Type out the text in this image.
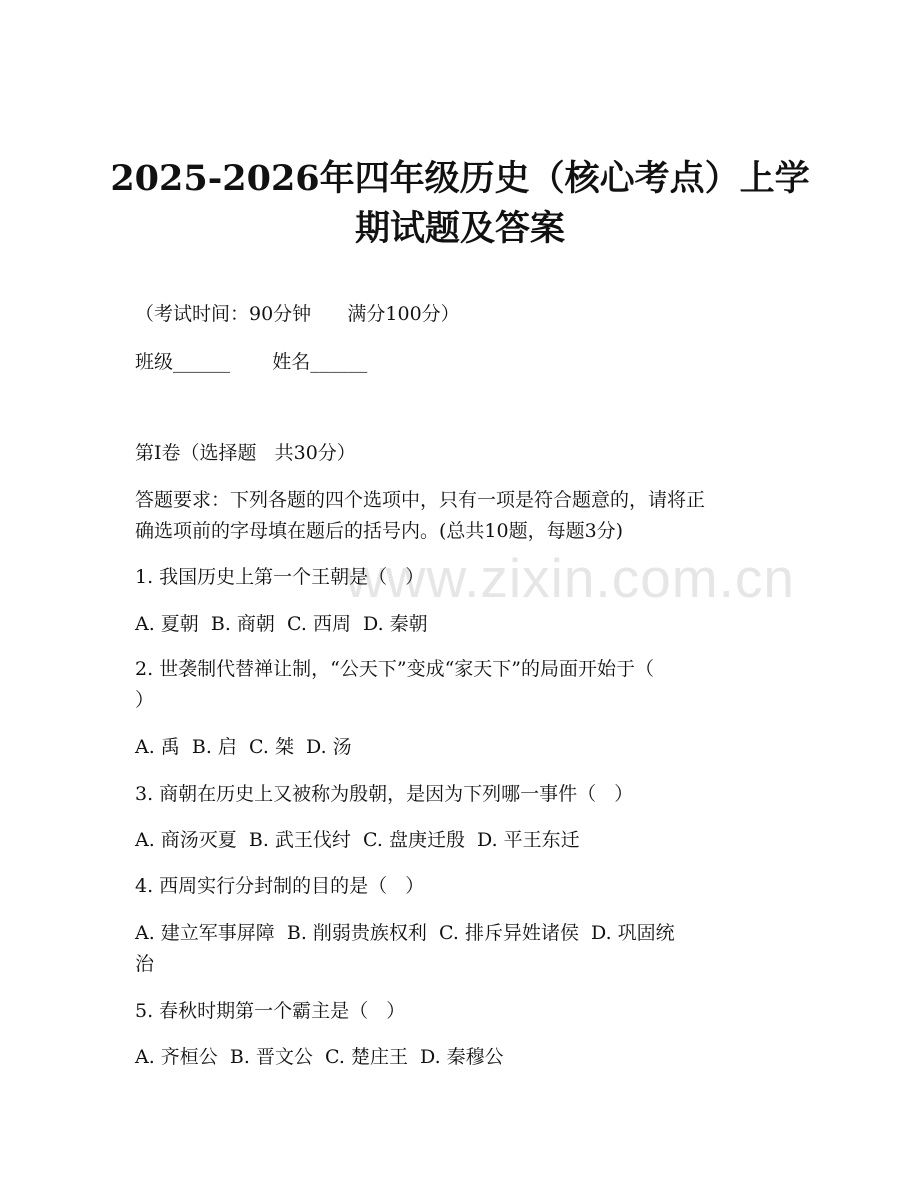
www.zixin.com.cn
2025-2026年四年级历史（核心考点）上学
期试题及答案

（考试时间：90分钟      满分100分）

班级______       姓名______

第I卷（选择题   共30分）

答题要求：下列各题的四个选项中，只有一项是符合题意的，请将正

确选项前的字母填在题后的括号内。(总共10题，每题3分)

1. 我国历史上第一个王朝是（   ）

A. 夏朝  B. 商朝  C. 西周  D. 秦朝

2. 世袭制代替禅让制，“公天下”变成“家天下”的局面开始于（

）

A. 禹  B. 启  C. 桀  D. 汤

3. 商朝在历史上又被称为殷朝，是因为下列哪一事件（   ）

A. 商汤灭夏  B. 武王伐纣  C. 盘庚迁殷  D. 平王东迁

4. 西周实行分封制的目的是（   ）

A. 建立军事屏障  B. 削弱贵族权利  C. 排斥异姓诸侯  D. 巩固统

治

5. 春秋时期第一个霸主是（   ）

A. 齐桓公  B. 晋文公  C. 楚庄王  D. 秦穆公
